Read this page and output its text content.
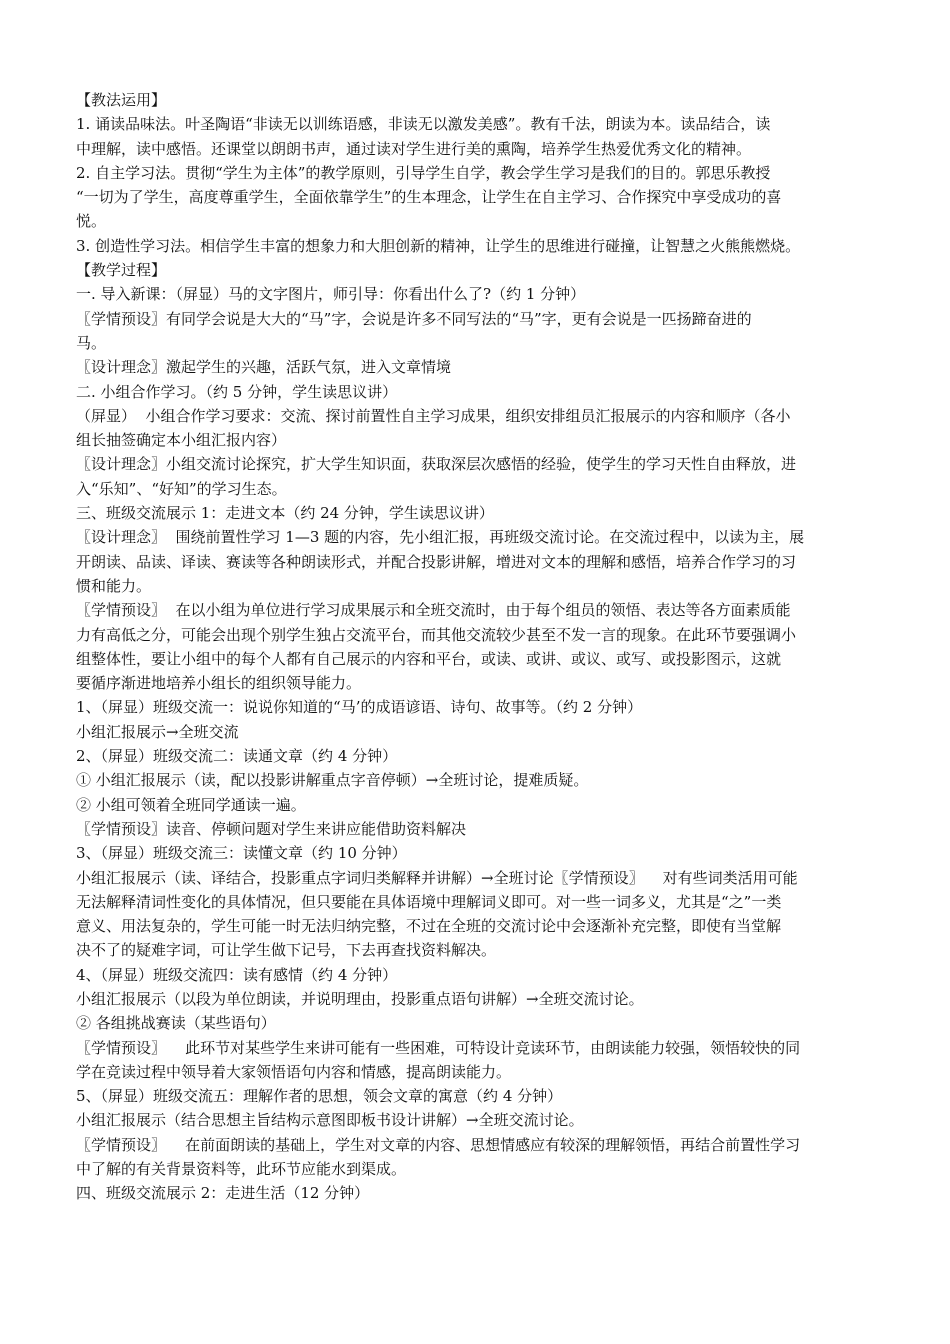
【教法运用】
1. 诵读品味法。叶圣陶语“非读无以训练语感，非读无以激发美感”。教有千法，朗读为本。读品结合，读
中理解，读中感悟。还课堂以朗朗书声，通过读对学生进行美的熏陶，培养学生热爱优秀文化的精神。
2. 自主学习法。贯彻“学生为主体”的教学原则，引导学生自学，教会学生学习是我们的目的。郭思乐教授
“一切为了学生，高度尊重学生，全面依靠学生”的生本理念，让学生在自主学习、合作探究中享受成功的喜
悦。
3. 创造性学习法。相信学生丰富的想象力和大胆创新的精神，让学生的思维进行碰撞，让智慧之火熊熊燃烧。
【教学过程】
一. 导入新课：（屏显）马的文字图片，师引导：你看出什么了?（约 1 分钟）
〖学情预设〗有同学会说是大大的“马”字，会说是许多不同写法的“马”字，更有会说是一匹扬蹄奋进的
马。
〖设计理念〗激起学生的兴趣，活跃气氛，进入文章情境
二. 小组合作学习。（约 5 分钟，学生读思议讲）
（屏显）  小组合作学习要求：交流、探讨前置性自主学习成果，组织安排组员汇报展示的内容和顺序（各小
组长抽签确定本小组汇报内容）
〖设计理念〗小组交流讨论探究，扩大学生知识面，获取深层次感悟的经验，使学生的学习天性自由释放，进
入“乐知”、“好知”的学习生态。
三、班级交流展示 1：走进文本（约 24 分钟，学生读思议讲）
〖设计理念〗  围绕前置性学习 1—3 题的内容，先小组汇报，再班级交流讨论。在交流过程中，以读为主，展
开朗读、品读、译读、赛读等各种朗读形式，并配合投影讲解，增进对文本的理解和感悟，培养合作学习的习
惯和能力。
〖学情预设〗  在以小组为单位进行学习成果展示和全班交流时，由于每个组员的领悟、表达等各方面素质能
力有高低之分，可能会出现个别学生独占交流平台，而其他交流较少甚至不发一言的现象。在此环节要强调小
组整体性，要让小组中的每个人都有自己展示的内容和平台，或读、或讲、或议、或写、或投影图示，这就
要循序渐进地培养小组长的组织领导能力。
1、（屏显）班级交流一：说说你知道的“马’的成语谚语、诗句、故事等。（约 2 分钟）
小组汇报展示→全班交流
2、（屏显）班级交流二：读通文章（约 4 分钟）
① 小组汇报展示（读，配以投影讲解重点字音停顿）→全班讨论，提难质疑。
② 小组可领着全班同学通读一遍。
〖学情预设〗读音、停顿问题对学生来讲应能借助资料解决
3、（屏显）班级交流三：读懂文章（约 10 分钟）
小组汇报展示（读、译结合，投影重点字词归类解释并讲解）→全班讨论〖学情预设〗    对有些词类活用可能
无法解释清词性变化的具体情况，但只要能在具体语境中理解词义即可。对一些一词多义，尤其是“之”一类
意义、用法复杂的，学生可能一时无法归纳完整，不过在全班的交流讨论中会逐渐补充完整，即使有当堂解
决不了的疑难字词，可让学生做下记号，下去再查找资料解决。
4、（屏显）班级交流四：读有感情（约 4 分钟）
小组汇报展示（以段为单位朗读，并说明理由，投影重点语句讲解）→全班交流讨论。
② 各组挑战赛读（某些语句）
〖学情预设〗    此环节对某些学生来讲可能有一些困难，可特设计竞读环节，由朗读能力较强，领悟较快的同
学在竞读过程中领导着大家领悟语句内容和情感，提高朗读能力。
5、（屏显）班级交流五：理解作者的思想，领会文章的寓意（约 4 分钟）
小组汇报展示（结合思想主旨结构示意图即板书设计讲解）→全班交流讨论。
〖学情预设〗    在前面朗读的基础上，学生对文章的内容、思想情感应有较深的理解领悟，再结合前置性学习
中了解的有关背景资料等，此环节应能水到渠成。
四、班级交流展示 2：走进生活（12 分钟）
